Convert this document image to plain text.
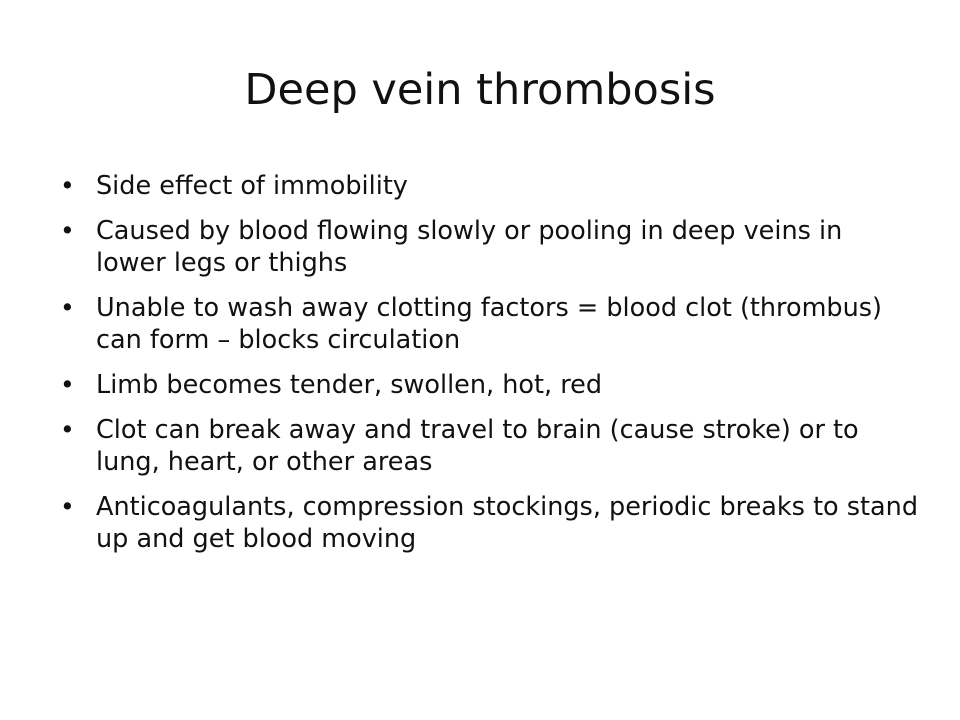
Deep vein thrombosis
• Side effect of immobility
• Caused by blood flowing slowly or pooling in deep veins in lower legs or thighs
• Unable to wash away clotting factors = blood clot (thrombus) can form – blocks circulation
• Limb becomes tender, swollen, hot, red
• Clot can break away and travel to brain (cause stroke) or to lung, heart, or other areas
• Anticoagulants, compression stockings, periodic breaks to stand up and get blood moving
